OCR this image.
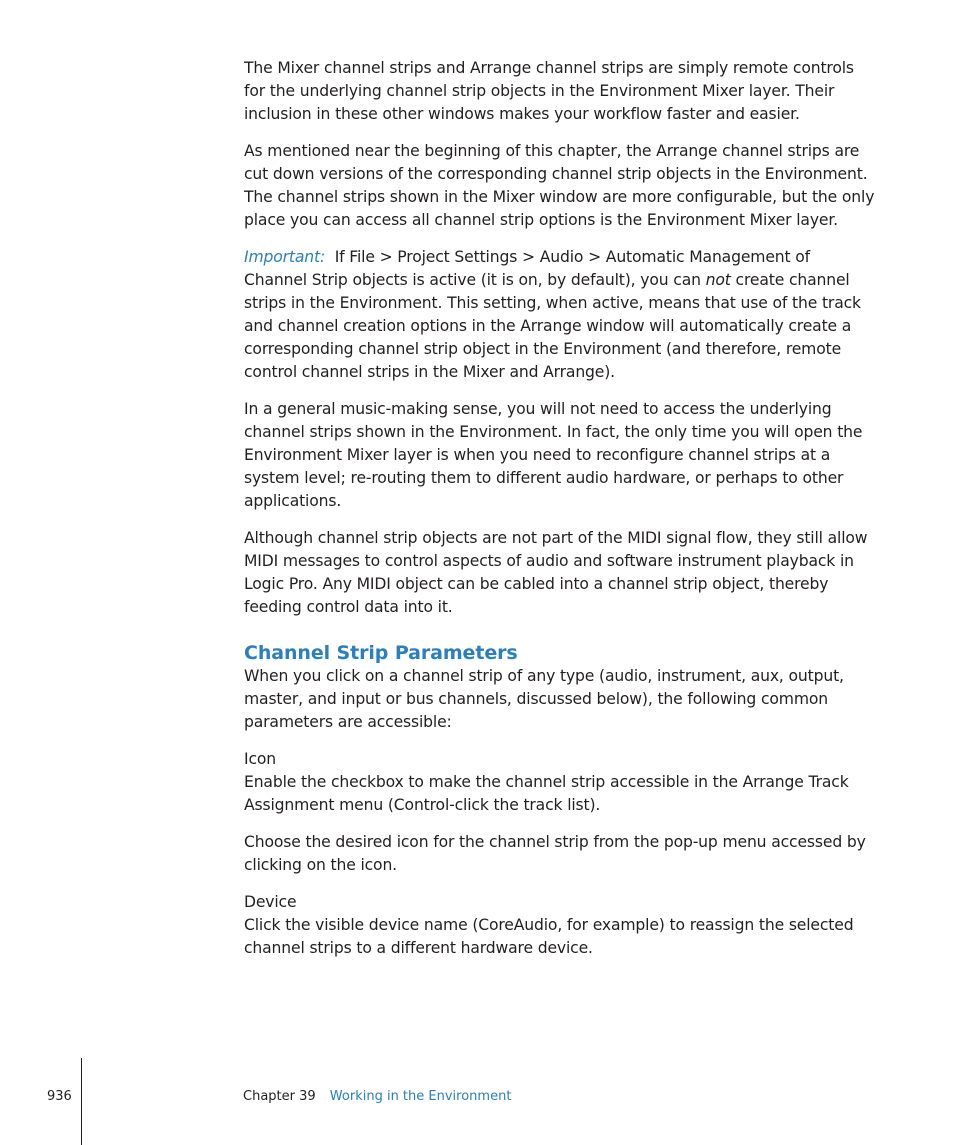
The Mixer channel strips and Arrange channel strips are simply remote controls for the underlying channel strip objects in the Environment Mixer layer. Their inclusion in these other windows makes your workflow faster and easier.

As mentioned near the beginning of this chapter, the Arrange channel strips are cut down versions of the corresponding channel strip objects in the Environment. The channel strips shown in the Mixer window are more configurable, but the only place you can access all channel strip options is the Environment Mixer layer.

Important: If File > Project Settings > Audio > Automatic Management of Channel Strip objects is active (it is on, by default), you can not create channel strips in the Environment. This setting, when active, means that use of the track and channel creation options in the Arrange window will automatically create a corresponding channel strip object in the Environment (and therefore, remote control channel strips in the Mixer and Arrange).

In a general music-making sense, you will not need to access the underlying channel strips shown in the Environment. In fact, the only time you will open the Environment Mixer layer is when you need to reconfigure channel strips at a system level; re-routing them to different audio hardware, or perhaps to other applications.

Although channel strip objects are not part of the MIDI signal flow, they still allow MIDI messages to control aspects of audio and software instrument playback in Logic Pro. Any MIDI object can be cabled into a channel strip object, thereby feeding control data into it.

Channel Strip Parameters

When you click on a channel strip of any type (audio, instrument, aux, output, master, and input or bus channels, discussed below), the following common parameters are accessible:

Icon

Enable the checkbox to make the channel strip accessible in the Arrange Track Assignment menu (Control-click the track list).

Choose the desired icon for the channel strip from the pop-up menu accessed by clicking on the icon.

Device

Click the visible device name (CoreAudio, for example) to reassign the selected channel strips to a different hardware device.

936	Chapter 39 Working in the Environment
